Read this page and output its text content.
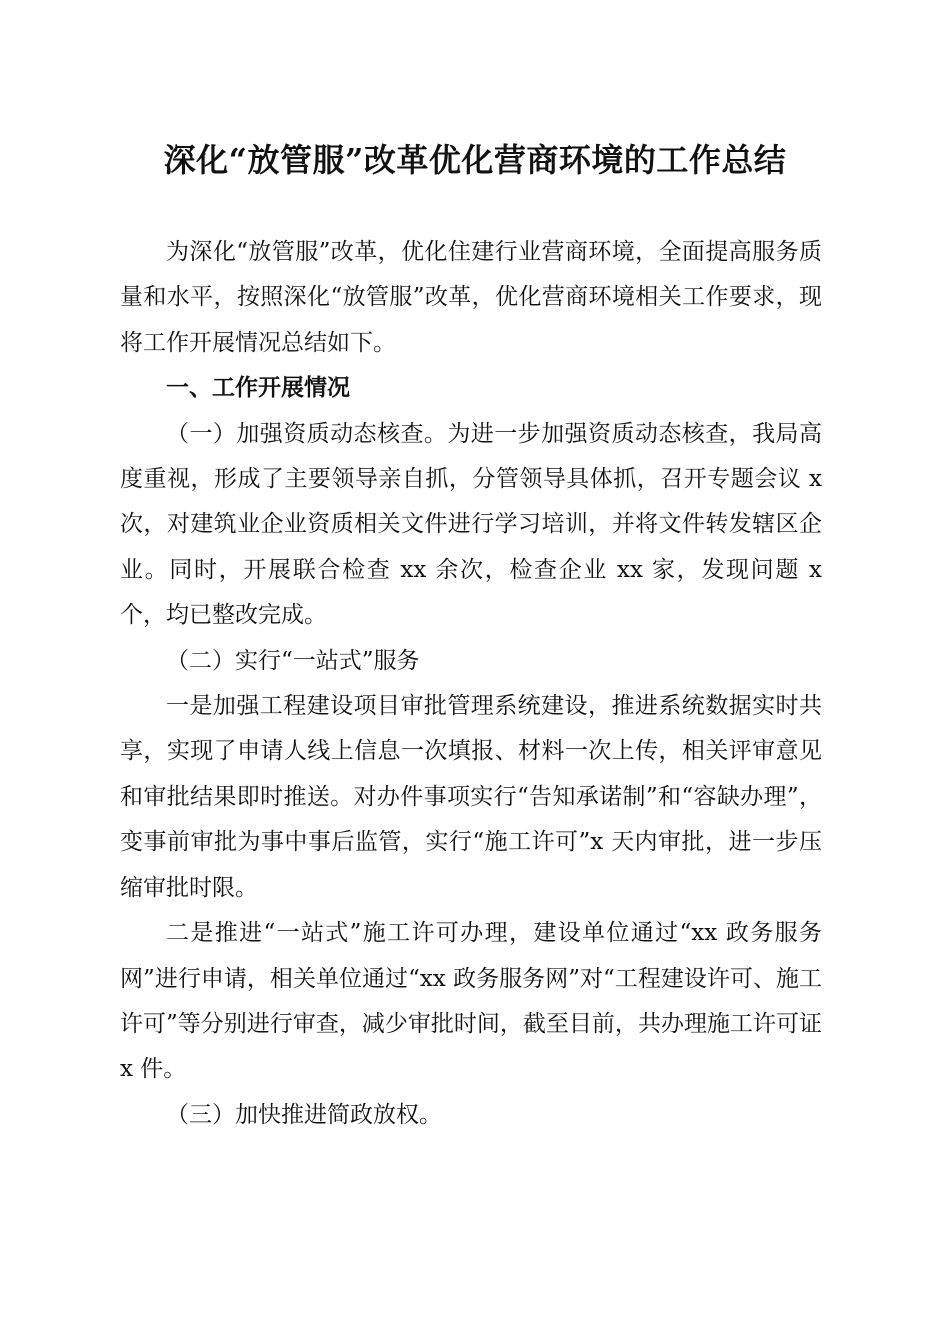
深化“放管服”改革优化营商环境的工作总结

为深化“放管服”改革，优化住建行业营商环境，全面提高服务质量和水平，按照深化“放管服”改革，优化营商环境相关工作要求，现将工作开展情况总结如下。

一、工作开展情况

（一）加强资质动态核查。为进一步加强资质动态核查，我局高度重视，形成了主要领导亲自抓，分管领导具体抓，召开专题会议 x 次，对建筑业企业资质相关文件进行学习培训，并将文件转发辖区企业。同时，开展联合检查 xx 余次，检查企业 xx 家，发现问题 x 个，均已整改完成。

（二）实行“一站式”服务

一是加强工程建设项目审批管理系统建设，推进系统数据实时共享，实现了申请人线上信息一次填报、材料一次上传，相关评审意见和审批结果即时推送。对办件事项实行“告知承诺制”和“容缺办理”，变事前审批为事中事后监管，实行“施工许可”x 天内审批，进一步压缩审批时限。

二是推进“一站式”施工许可办理，建设单位通过“xx 政务服务网”进行申请，相关单位通过“xx 政务服务网”对“工程建设许可、施工许可”等分别进行审查，减少审批时间，截至目前，共办理施工许可证 x 件。

（三）加快推进简政放权。
